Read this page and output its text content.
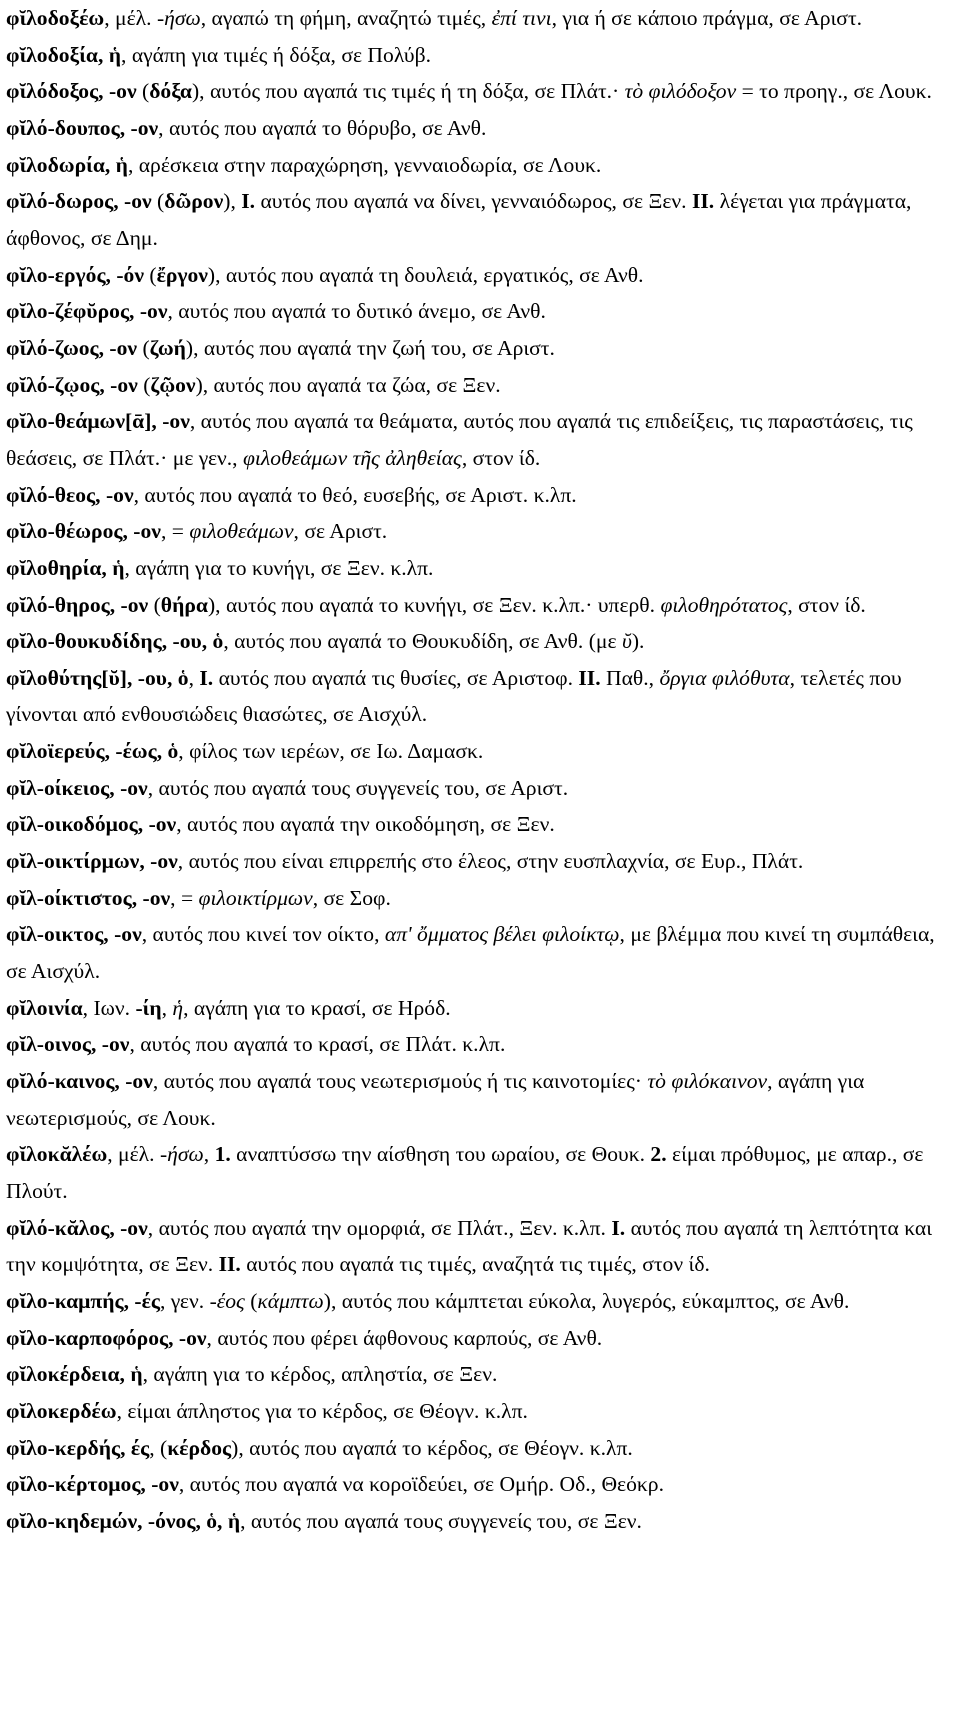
φῐλοδοξέω, μέλ. -ήσω, αγαπώ τη φήμη, αναζητώ τιμές, ἐπί τινι, για ή σε κάποιο πράγμα, σε Αριστ.

φῐλοδοξία, ἡ, αγάπη για τιμές ή δόξα, σε Πολύβ.

φῐλόδοξος, -ον (δόξα), αυτός που αγαπά τις τιμές ή τη δόξα, σε Πλάτ.· τὸ φιλόδοξον = το προηγ., σε Λουκ.

φῐλό-δουπος, -ον, αυτός που αγαπά το θόρυβο, σε Ανθ.

φῐλοδωρία, ἡ, αρέσκεια στην παραχώρηση, γενναιοδωρία, σε Λουκ.

φῐλό-δωρος, -ον (δῶρον), I. αυτός που αγαπά να δίνει, γενναιόδωρος, σε Ξεν. II. λέγεται για πράγματα, άφθονος, σε Δημ.

φῐλο-εργός, -όν (ἔργον), αυτός που αγαπά τη δουλειά, εργατικός, σε Ανθ.

φῐλο-ζέφῠρος, -ον, αυτός που αγαπά το δυτικό άνεμο, σε Ανθ.

φῐλό-ζωος, -ον (ζωή), αυτός που αγαπά την ζωή του, σε Αριστ.

φῐλό-ζῳος, -ον (ζῷον), αυτός που αγαπά τα ζώα, σε Ξεν.

φῐλο-θεάμων[ᾱ], -ον, αυτός που αγαπά τα θεάματα, αυτός που αγαπά τις επιδείξεις, τις παραστάσεις, τις θεάσεις, σε Πλάτ.· με γεν., φιλοθεάμων τῆς ἀληθείας, στον ίδ.

φῐλό-θεος, -ον, αυτός που αγαπά το θεό, ευσεβής, σε Αριστ. κ.λπ.

φῐλο-θέωρος, -ον, = φιλοθεάμων, σε Αριστ.

φῐλοθηρία, ἡ, αγάπη για το κυνήγι, σε Ξεν. κ.λπ.

φῐλό-θηρος, -ον (θήρα), αυτός που αγαπά το κυνήγι, σε Ξεν. κ.λπ.· υπερθ. φιλοθηρότατος, στον ίδ.

φῐλο-θουκυδίδης, -ου, ὁ, αυτός που αγαπά το Θουκυδίδη, σε Ανθ. (με ῠ).

φῐλοθύτης[ῠ], -ου, ὁ, I. αυτός που αγαπά τις θυσίες, σε Αριστοφ. II. Παθ., ὄργια φιλόθυτα, τελετές που γίνονται από ενθουσιώδεις θιασώτες, σε Αισχύλ.

φῐλοϊερεύς, -έως, ὁ, φίλος των ιερέων, σε Ιω. Δαμασκ.

φῐλ-οίκειος, -ον, αυτός που αγαπά τους συγγενείς του, σε Αριστ.

φῐλ-οικοδόμος, -ον, αυτός που αγαπά την οικοδόμηση, σε Ξεν.

φῐλ-οικτίρμων, -ον, αυτός που είναι επιρρεπής στο έλεος, στην ευσπλαχνία, σε Ευρ., Πλάτ.

φῐλ-οίκτιστος, -ον, = φιλοικτίρμων, σε Σοφ.

φῐλ-οικτος, -ον, αυτός που κινεί τον οίκτο, απ' ὄμματος βέλει φιλοίκτῳ, με βλέμμα που κινεί τη συμπάθεια, σε Αισχύλ.

φῐλοινία, Ιων. -ίη, ἡ, αγάπη για το κρασί, σε Ηρόδ.

φῐλ-οινος, -ον, αυτός που αγαπά το κρασί, σε Πλάτ. κ.λπ.

φῐλό-καινος, -ον, αυτός που αγαπά τους νεωτερισμούς ή τις καινοτομίες· τὸ φιλόκαινον, αγάπη για νεωτερισμούς, σε Λουκ.

φῐλοκᾰλέω, μέλ. -ήσω, 1. αναπτύσσω την αίσθηση του ωραίου, σε Θουκ. 2. είμαι πρόθυμος, με απαρ., σε Πλούτ.

φῐλό-κᾰλος, -ον, αυτός που αγαπά την ομορφιά, σε Πλάτ., Ξεν. κ.λπ. I. αυτός που αγαπά τη λεπτότητα και την κομψότητα, σε Ξεν. II. αυτός που αγαπά τις τιμές, αναζητά τις τιμές, στον ίδ.

φῐλο-καμπής, -ές, γεν. -έος (κάμπτω), αυτός που κάμπτεται εύκολα, λυγερός, εύκαμπτος, σε Ανθ.

φῐλο-καρποφόρος, -ον, αυτός που φέρει άφθονους καρπούς, σε Ανθ.

φῐλοκέρδεια, ἡ, αγάπη για το κέρδος, απληστία, σε Ξεν.

φῐλοκερδέω, είμαι άπληστος για το κέρδος, σε Θέογν. κ.λπ.

φῐλο-κερδής, ές, (κέρδος), αυτός που αγαπά το κέρδος, σε Θέογν. κ.λπ.

φῐλο-κέρτομος, -ον, αυτός που αγαπά να κοροϊδεύει, σε Ομήρ. Οδ., Θεόκρ.

φῐλο-κηδεμών, -όνος, ὁ, ἡ, αυτός που αγαπά τους συγγενείς του, σε Ξεν.
